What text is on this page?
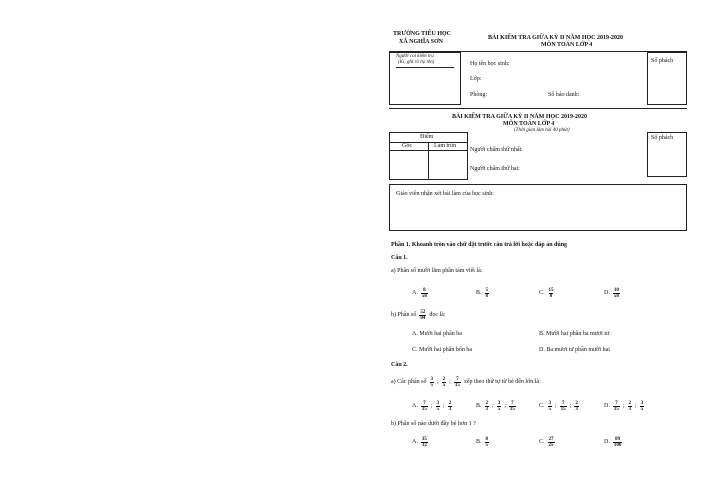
TRƯỜNG TIỂU HỌC
XÃ NGHĨA SƠN
BÀI KIỂM TRA GIỮA KỲ II NĂM HỌC 2019-2020
MÔN TOÁN LỚP 4
Người coi kiểm tra
(Kí, ghi rõ họ tên)	Họ tên học sinh:
Lớp:
Phòng:	Số báo danh:
Số phách
BÀI KIỂM TRA GIỮA KỲ II NĂM HỌC 2019-2020
MÔN TOÁN LỚP 4
(Thời gian làm bài 40 phút)
Điểm
Gốc	Làm tròn
Người chấm thứ nhất:
Người chấm thứ hai:
Số phách
Giáo viên nhận xét bài làm của học sinh:
Phần 1. Khoanh tròn vào chữ đặt trước câu trả lời hoặc đáp án đúng
Câu 1.
a) Phân số mười lăm phần tám viết là:
A. $\frac{8}{58}$	B. $\frac{5}{8}$	C. $\frac{15}{8}$	D. $\frac{10}{58}$
b) Phân số $\frac{52}{84}$ đọc là:
A. Mười hai phần ba	B. Mười hai phần ba mươi tư
C. Mười hai phần bốn ba	D. Ba mươi tư phần mười hai
Câu 2.
a) Các phân số $\frac{3}{5}$ ; $\frac{2}{5}$ ; $\frac{7}{15}$ xếp theo thứ tự từ bé đến lớn là:
A. $\frac{7}{15}$ ; $\frac{3}{5}$ ; $\frac{2}{3}$	B. $\frac{2}{3}$ ; $\frac{3}{5}$ ; $\frac{7}{15}$	C. $\frac{3}{5}$ ; $\frac{7}{15}$ ; $\frac{2}{3}$	D. $\frac{7}{15}$ ; $\frac{2}{3}$ ; $\frac{3}{5}$
b) Phân số nào dưới đây bé hơn 1 ?
A. $\frac{35}{32}$	B. $\frac{8}{5}$	C. $\frac{27}{25}$	D. $\frac{89}{100}$
